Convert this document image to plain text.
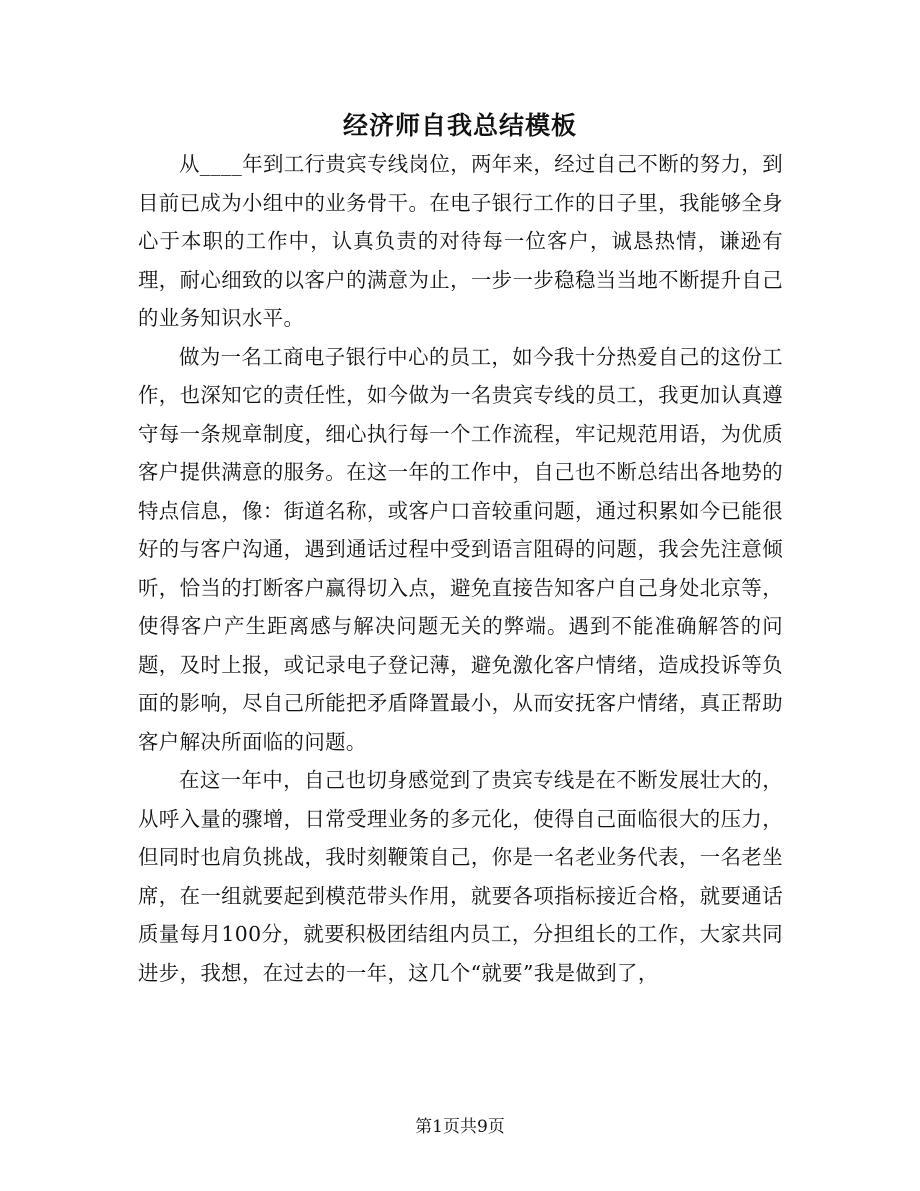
经济师自我总结模板

从____年到工行贵宾专线岗位，两年来，经过自己不断的努力，到目前已成为小组中的业务骨干。在电子银行工作的日子里，我能够全身心于本职的工作中，认真负责的对待每一位客户，诚恳热情，谦逊有理，耐心细致的以客户的满意为止，一步一步稳稳当当地不断提升自己的业务知识水平。

做为一名工商电子银行中心的员工，如今我十分热爱自己的这份工作，也深知它的责任性，如今做为一名贵宾专线的员工，我更加认真遵守每一条规章制度，细心执行每一个工作流程，牢记规范用语，为优质客户提供满意的服务。在这一年的工作中，自己也不断总结出各地势的特点信息，像：街道名称，或客户口音较重问题，通过积累如今已能很好的与客户沟通，遇到通话过程中受到语言阻碍的问题，我会先注意倾听，恰当的打断客户赢得切入点，避免直接告知客户自己身处北京等，使得客户产生距离感与解决问题无关的弊端。遇到不能准确解答的问题，及时上报，或记录电子登记薄，避免激化客户情绪，造成投诉等负面的影响，尽自己所能把矛盾降置最小，从而安抚客户情绪，真正帮助客户解决所面临的问题。

在这一年中，自己也切身感觉到了贵宾专线是在不断发展壮大的，从呼入量的骤增，日常受理业务的多元化，使得自己面临很大的压力，但同时也肩负挑战，我时刻鞭策自己，你是一名老业务代表，一名老坐席，在一组就要起到模范带头作用，就要各项指标接近合格，就要通话质量每月100分，就要积极团结组内员工，分担组长的工作，大家共同进步，我想，在过去的一年，这几个“就要”我是做到了，

第1页共9页
